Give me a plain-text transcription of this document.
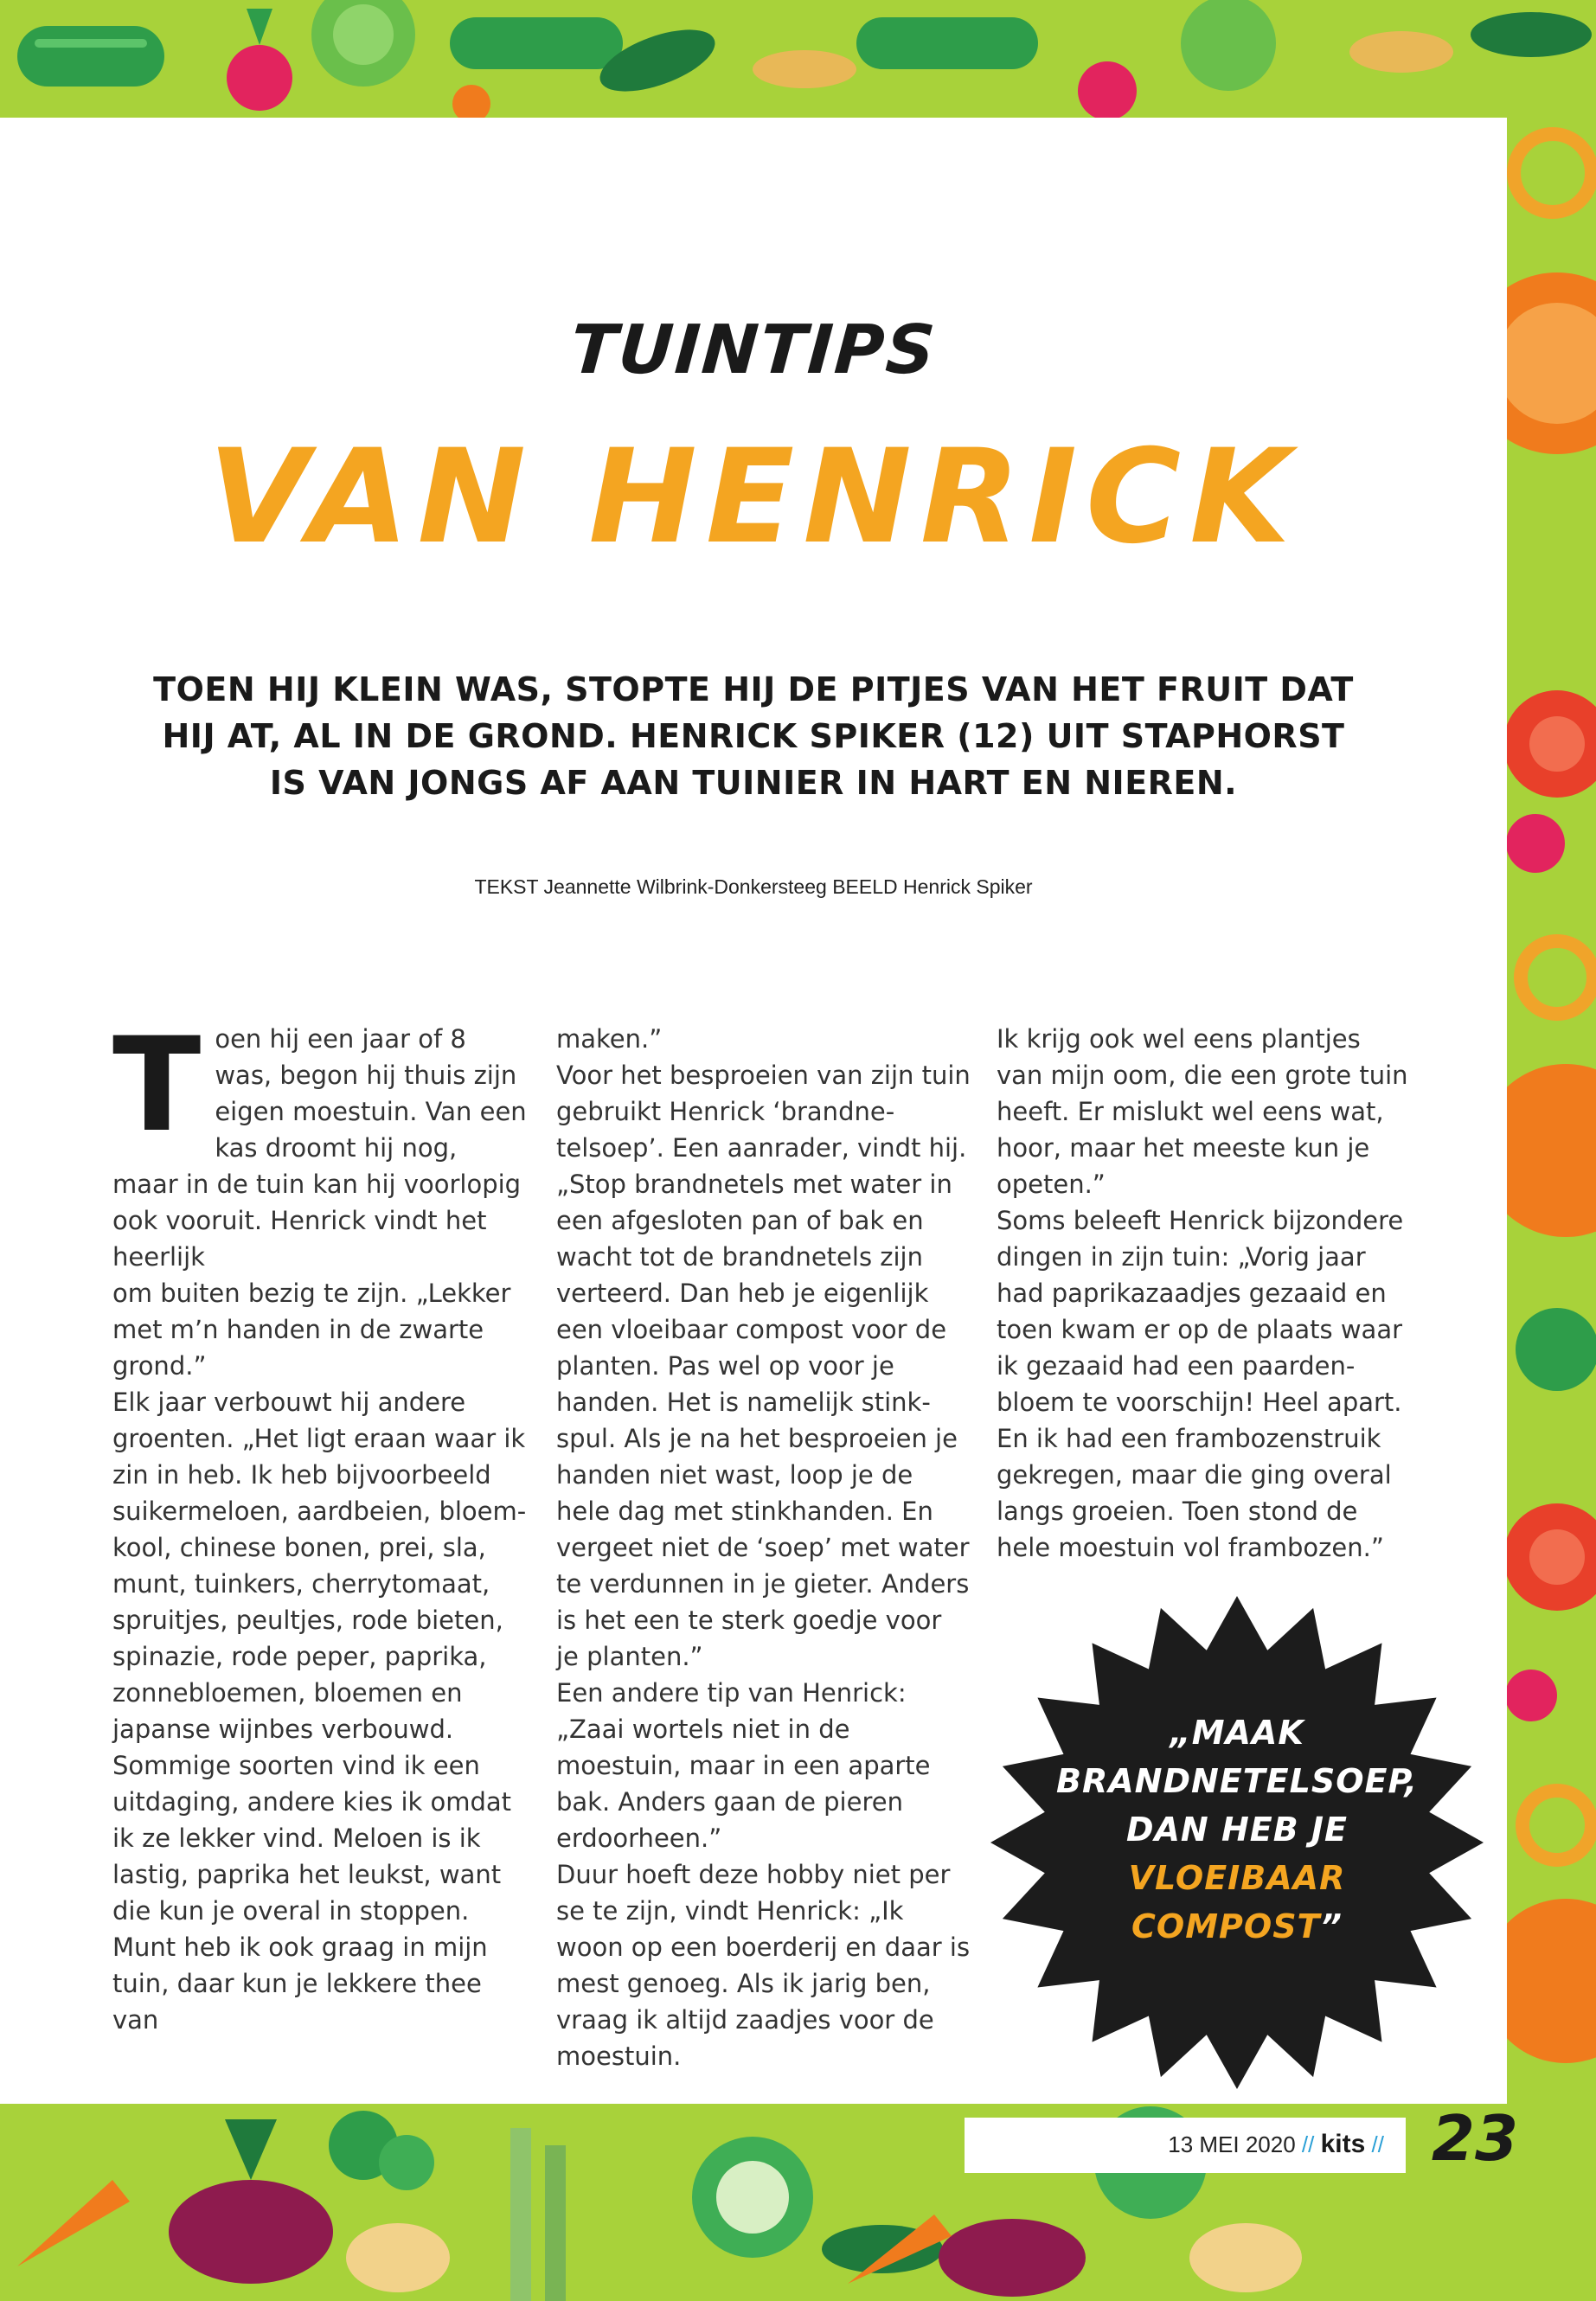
TUINTIPS
VAN HENRICK
TOEN HIJ KLEIN WAS, STOPTE HIJ DE PITJES VAN HET FRUIT DAT HIJ AT, AL IN DE GROND. HENRICK SPIKER (12) UIT STAPHORST IS VAN JONGS AF AAN TUINIER IN HART EN NIEREN.
TEKST Jeannette Wilbrink-Donkersteeg BEELD Henrick Spiker
T oen hij een jaar of 8 was, begon hij thuis zijn eigen moestuin. Van een kas droomt hij nog, maar in de tuin kan hij voorlopig ook vooruit. Henrick vindt het heerlijk

om buiten bezig te zijn. „Lekker met m’n handen in de zwarte grond.”

Elk jaar verbouwt hij andere groenten. „Het ligt eraan waar ik zin in heb. Ik heb bijvoorbeeld suikermeloen, aardbeien, bloem-kool, chinese bonen, prei, sla, munt, tuinkers, cherrytomaat, spruitjes, peultjes, rode bieten, spinazie, rode peper, paprika, zonnebloemen, bloemen en japanse wijnbes verbouwd. Sommige soorten vind ik een uitdaging, andere kies ik omdat ik ze lekker vind. Meloen is ik lastig, paprika het leukst, want die kun je overal in stoppen. Munt heb ik ook graag in mijn tuin, daar kun je lekkere thee van

maken.”

Voor het besproeien van zijn tuin gebruikt Henrick ‘brandne-telsoep’. Een aanrader, vindt hij. „Stop brandnetels met water in een afgesloten pan of bak en wacht tot de brandnetels zijn verteerd. Dan heb je eigenlijk een vloeibaar compost voor de planten. Pas wel op voor je handen. Het is namelijk stink-spul. Als je na het besproeien je handen niet wast, loop je de hele dag met stinkhanden. En vergeet niet de ‘soep’ met water te verdunnen in je gieter. Anders is het een te sterk goedje voor je planten.”

Een andere tip van Henrick: „Zaai wortels niet in de moestuin, maar in een aparte bak. Anders gaan de pieren erdoorheen.”

Duur hoeft deze hobby niet per se te zijn, vindt Henrick: „Ik woon op een boerderij en daar is mest genoeg. Als ik jarig ben, vraag ik altijd zaadjes voor de moestuin.

Ik krijg ook wel eens plantjes van mijn oom, die een grote tuin heeft. Er mislukt wel eens wat, hoor, maar het meeste kun je opeten.”

Soms beleeft Henrick bijzondere dingen in zijn tuin: „Vorig jaar had paprikazaadjes gezaaid en toen kwam er op de plaats waar ik gezaaid had een paarden-bloem te voorschijn! Heel apart. En ik had een frambozenstruik gekregen, maar die ging overal langs groeien. Toen stond de hele moestuin vol frambozen.”

„MAAK BRANDNETELSOEP, DAN HEB JE VLOEIBAAR COMPOST”
13 MEI 2020 // kits // 23
